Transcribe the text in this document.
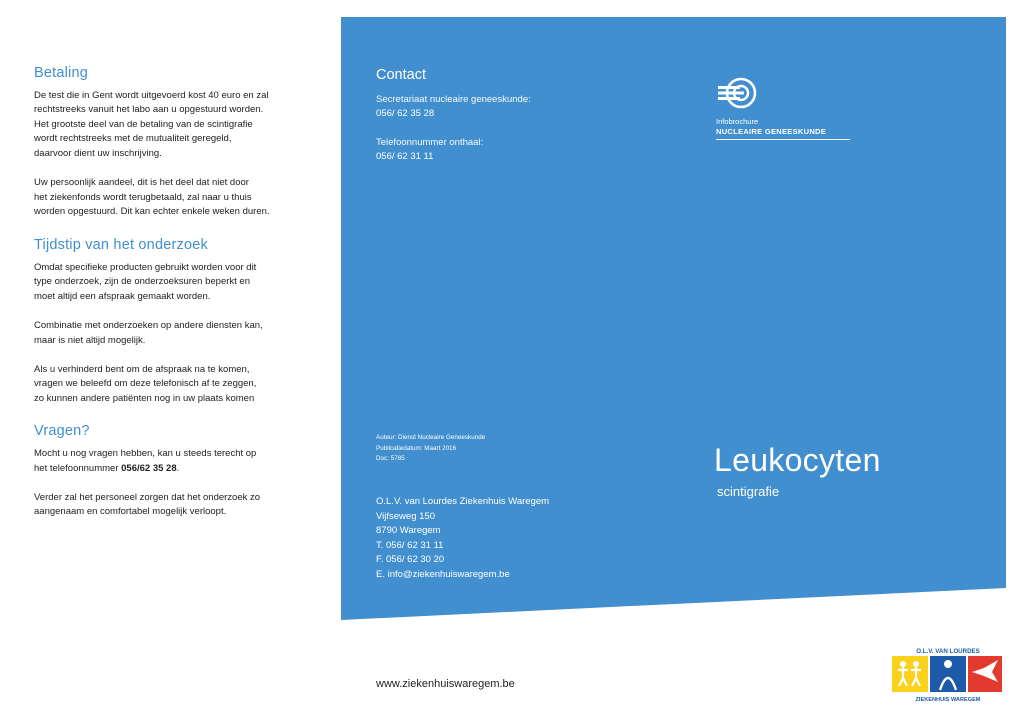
Betaling
De test die in Gent wordt uitgevoerd kost 40 euro en zal
rechtstreeks vanuit het labo aan u opgestuurd worden.
Het grootste deel van de betaling van de scintigrafie
wordt rechtstreeks met de mutualiteit geregeld,
daarvoor dient uw inschrijving.
Uw persoonlijk aandeel, dit is het deel dat niet door
het ziekenfonds wordt terugbetaald, zal naar u thuis
worden opgestuurd. Dit kan echter enkele weken duren.
Tijdstip van het onderzoek
Omdat specifieke producten gebruikt worden voor dit
type onderzoek, zijn de onderzoeksuren beperkt en
moet altijd een afspraak gemaakt worden.
Combinatie met onderzoeken op andere diensten kan,
maar is niet altijd mogelijk.
Als u verhinderd bent om de afspraak na te komen,
vragen we beleefd om deze telefonisch af te zeggen,
zo kunnen andere patiënten nog in uw plaats komen
Vragen?
Mocht u nog vragen hebben, kan u steeds terecht op
het telefoonnummer 056/62 35 28.
Verder zal het personeel zorgen dat het onderzoek zo
aangenaam en comfortabel mogelijk verloopt.
Contact
Secretariaat nucleaire geneeskunde:
056/ 62 35 28
Telefoonnummer onthaal:
056/ 62 31 11
Infobrochure
NUCLEAIRE GENEESKUNDE
Auteur: Dienst Nucleaire Geneeskunde
Publicatiedatum: Maart 2016
Doc: 5785
O.L.V. van Lourdes Ziekenhuis Waregem
Vijfseweg 150
8790 Waregem
T. 056/ 62 31 11
F. 056/ 62 30 20
E. info@ziekenhuiswaregem.be
Leukocyten
scintigrafie
www.ziekenhuiswaregem.be
O.L.V. VAN LOURDES
ZIEKENHUIS WAREGEM
